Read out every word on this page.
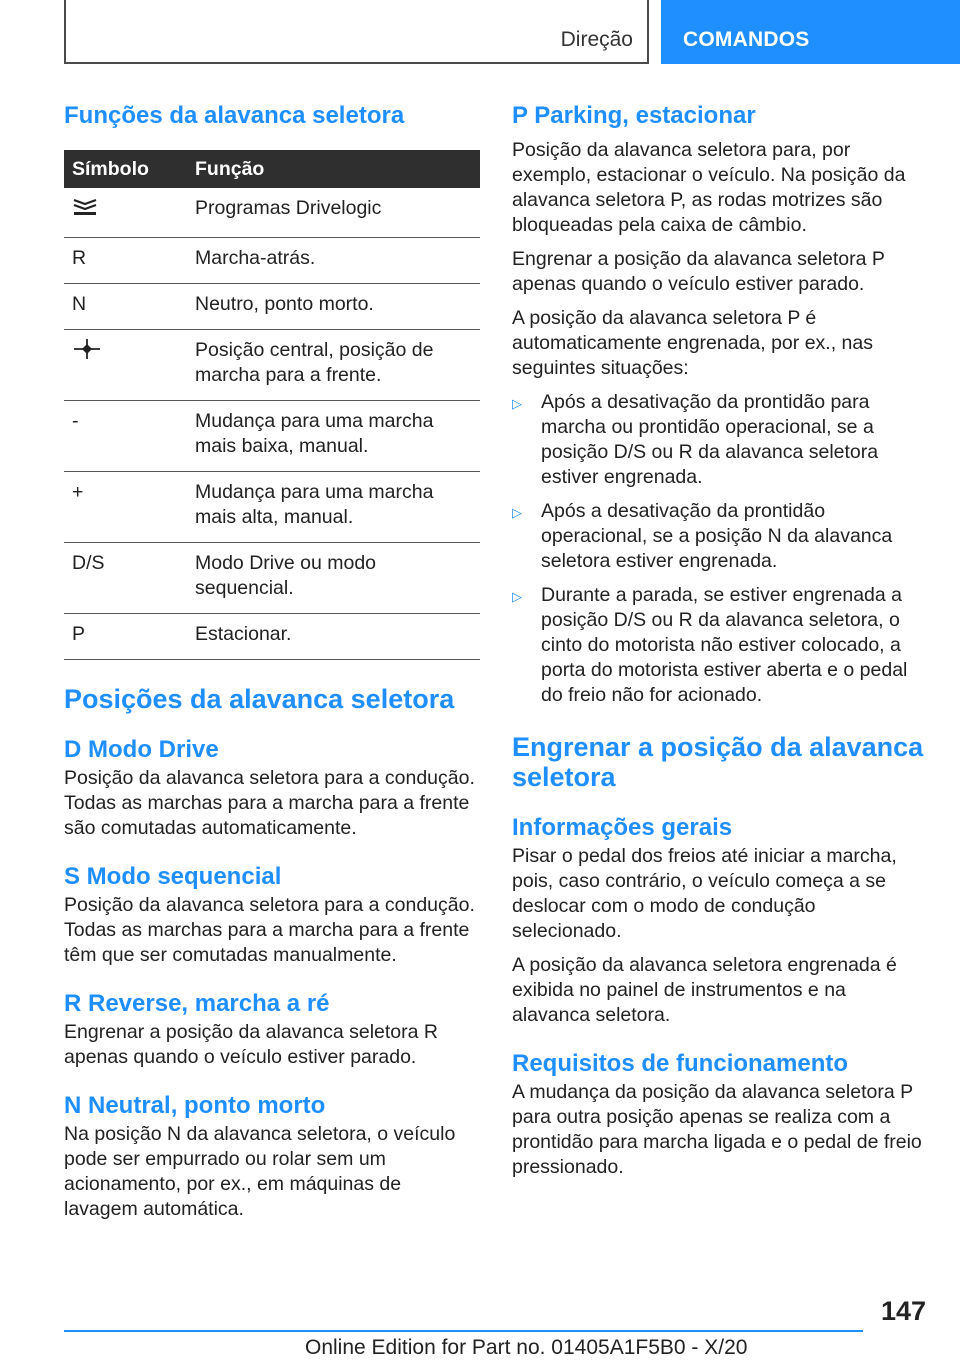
Direção COMANDOS
Funções da alavanca seletora
Símbolo	Função
	Programas Drivelogic
R	Marcha-atrás.
N	Neutro, ponto morto.
	Posição central, posição de marcha para a frente.
-	Mudança para uma marcha mais baixa, manual.
+	Mudança para uma marcha mais alta, manual.
D/S	Modo Drive ou modo sequencial.
P	Estacionar.
Posições da alavanca seletora
D Modo Drive
Posição da alavanca seletora para a condução. Todas as marchas para a marcha para a frente são comutadas automaticamente.
S Modo sequencial
Posição da alavanca seletora para a condução. Todas as marchas para a marcha para a frente têm que ser comutadas manualmente.
R Reverse, marcha a ré
Engrenar a posição da alavanca seletora R apenas quando o veículo estiver parado.
N Neutral, ponto morto
Na posição N da alavanca seletora, o veículo pode ser empurrado ou rolar sem um acionamento, por ex., em máquinas de lavagem automática.
P Parking, estacionar
Posição da alavanca seletora para, por exemplo, estacionar o veículo. Na posição da alavanca seletora P, as rodas motrizes são bloqueadas pela caixa de câmbio.
Engrenar a posição da alavanca seletora P apenas quando o veículo estiver parado.
A posição da alavanca seletora P é automaticamente engrenada, por ex., nas seguintes situações:
▷ Após a desativação da prontidão para marcha ou prontidão operacional, se a posição D/S ou R da alavanca seletora estiver engrenada.
▷ Após a desativação da prontidão operacional, se a posição N da alavanca seletora estiver engrenada.
▷ Durante a parada, se estiver engrenada a posição D/S ou R da alavanca seletora, o cinto do motorista não estiver colocado, a porta do motorista estiver aberta e o pedal do freio não for acionado.
Engrenar a posição da alavanca seletora
Informações gerais
Pisar o pedal dos freios até iniciar a marcha, pois, caso contrário, o veículo começa a se deslocar com o modo de condução selecionado.
A posição da alavanca seletora engrenada é exibida no painel de instrumentos e na alavanca seletora.
Requisitos de funcionamento
A mudança da posição da alavanca seletora P para outra posição apenas se realiza com a prontidão para marcha ligada e o pedal de freio pressionado.
147
Online Edition for Part no. 01405A1F5B0 - X/20
